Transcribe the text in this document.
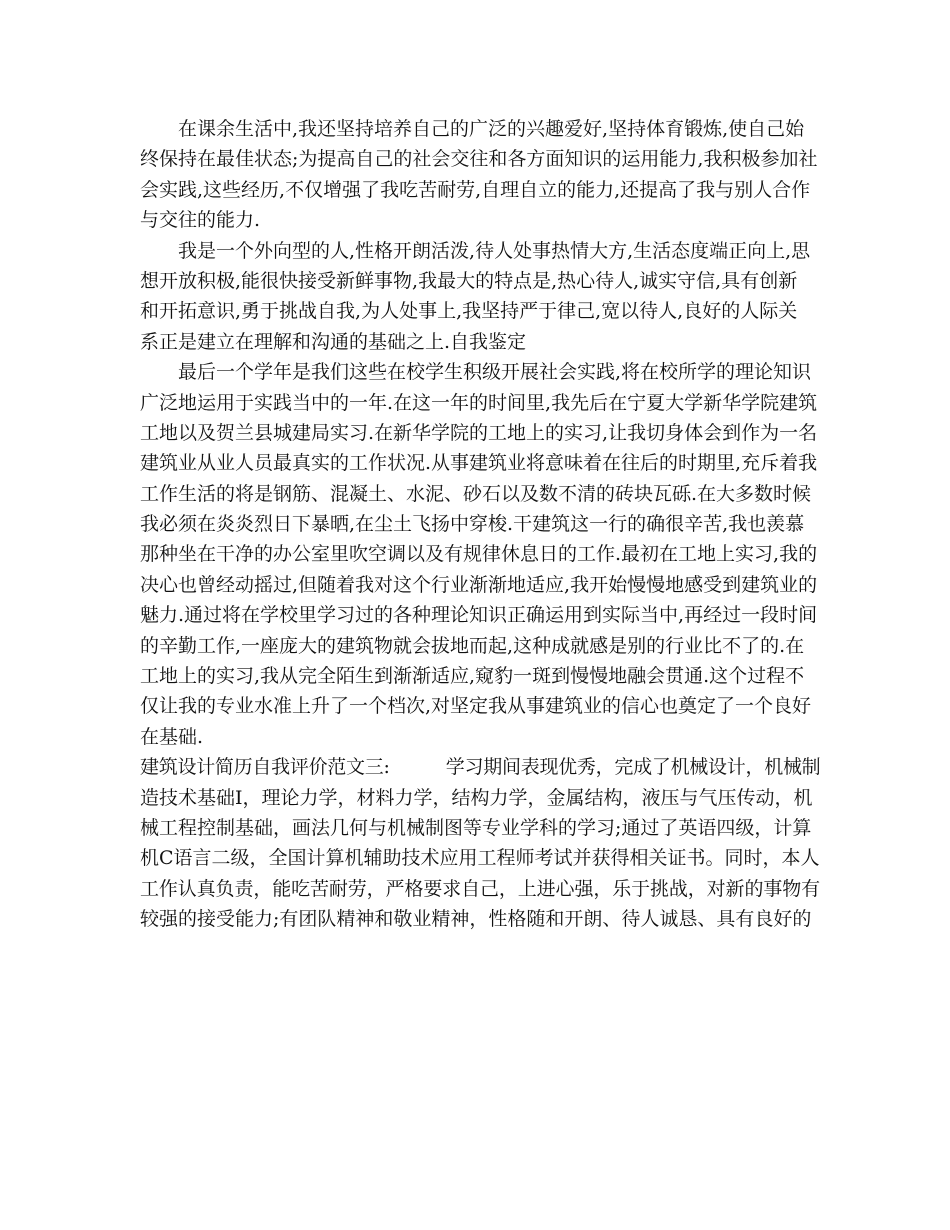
在课余生活中,我还坚持培养自己的广泛的兴趣爱好,坚持体育锻炼,使自己始
终保持在最佳状态;为提高自己的社会交往和各方面知识的运用能力,我积极参加社
会实践,这些经历,不仅增强了我吃苦耐劳,自理自立的能力,还提高了我与别人合作
与交往的能力.
我是一个外向型的人,性格开朗活泼,待人处事热情大方,生活态度端正向上,思
想开放积极,能很快接受新鲜事物,我最大的特点是,热心待人,诚实守信,具有创新
和开拓意识,勇于挑战自我,为人处事上,我坚持严于律己,宽以待人,良好的人际关
系正是建立在理解和沟通的基础之上.自我鉴定
最后一个学年是我们这些在校学生积级开展社会实践,将在校所学的理论知识
广泛地运用于实践当中的一年.在这一年的时间里,我先后在宁夏大学新华学院建筑
工地以及贺兰县城建局实习.在新华学院的工地上的实习,让我切身体会到作为一名
建筑业从业人员最真实的工作状况.从事建筑业将意味着在往后的时期里,充斥着我
工作生活的将是钢筋、混凝土、水泥、砂石以及数不清的砖块瓦砾.在大多数时候
我必须在炎炎烈日下暴晒,在尘土飞扬中穿梭.干建筑这一行的确很辛苦,我也羡慕
那种坐在干净的办公室里吹空调以及有规律休息日的工作.最初在工地上实习,我的
决心也曾经动摇过,但随着我对这个行业渐渐地适应,我开始慢慢地感受到建筑业的
魅力.通过将在学校里学习过的各种理论知识正确运用到实际当中,再经过一段时间
的辛勤工作,一座庞大的建筑物就会拔地而起,这种成就感是别的行业比不了的.在
工地上的实习,我从完全陌生到渐渐适应,窥豹一斑到慢慢地融会贯通.这个过程不
仅让我的专业水准上升了一个档次,对坚定我从事建筑业的信心也奠定了一个良好
在基础.
建筑设计简历自我评价范文三:　　　学习期间表现优秀，完成了机械设计，机械制
造技术基础Ⅰ，理论力学，材料力学，结构力学，金属结构，液压与气压传动，机
械工程控制基础，画法几何与机械制图等专业学科的学习;通过了英语四级，计算
机C语言二级，全国计算机辅助技术应用工程师考试并获得相关证书。同时，本人
工作认真负责，能吃苦耐劳，严格要求自己，上进心强，乐于挑战，对新的事物有
较强的接受能力;有团队精神和敬业精神，性格随和开朗、待人诚恳、具有良好的
